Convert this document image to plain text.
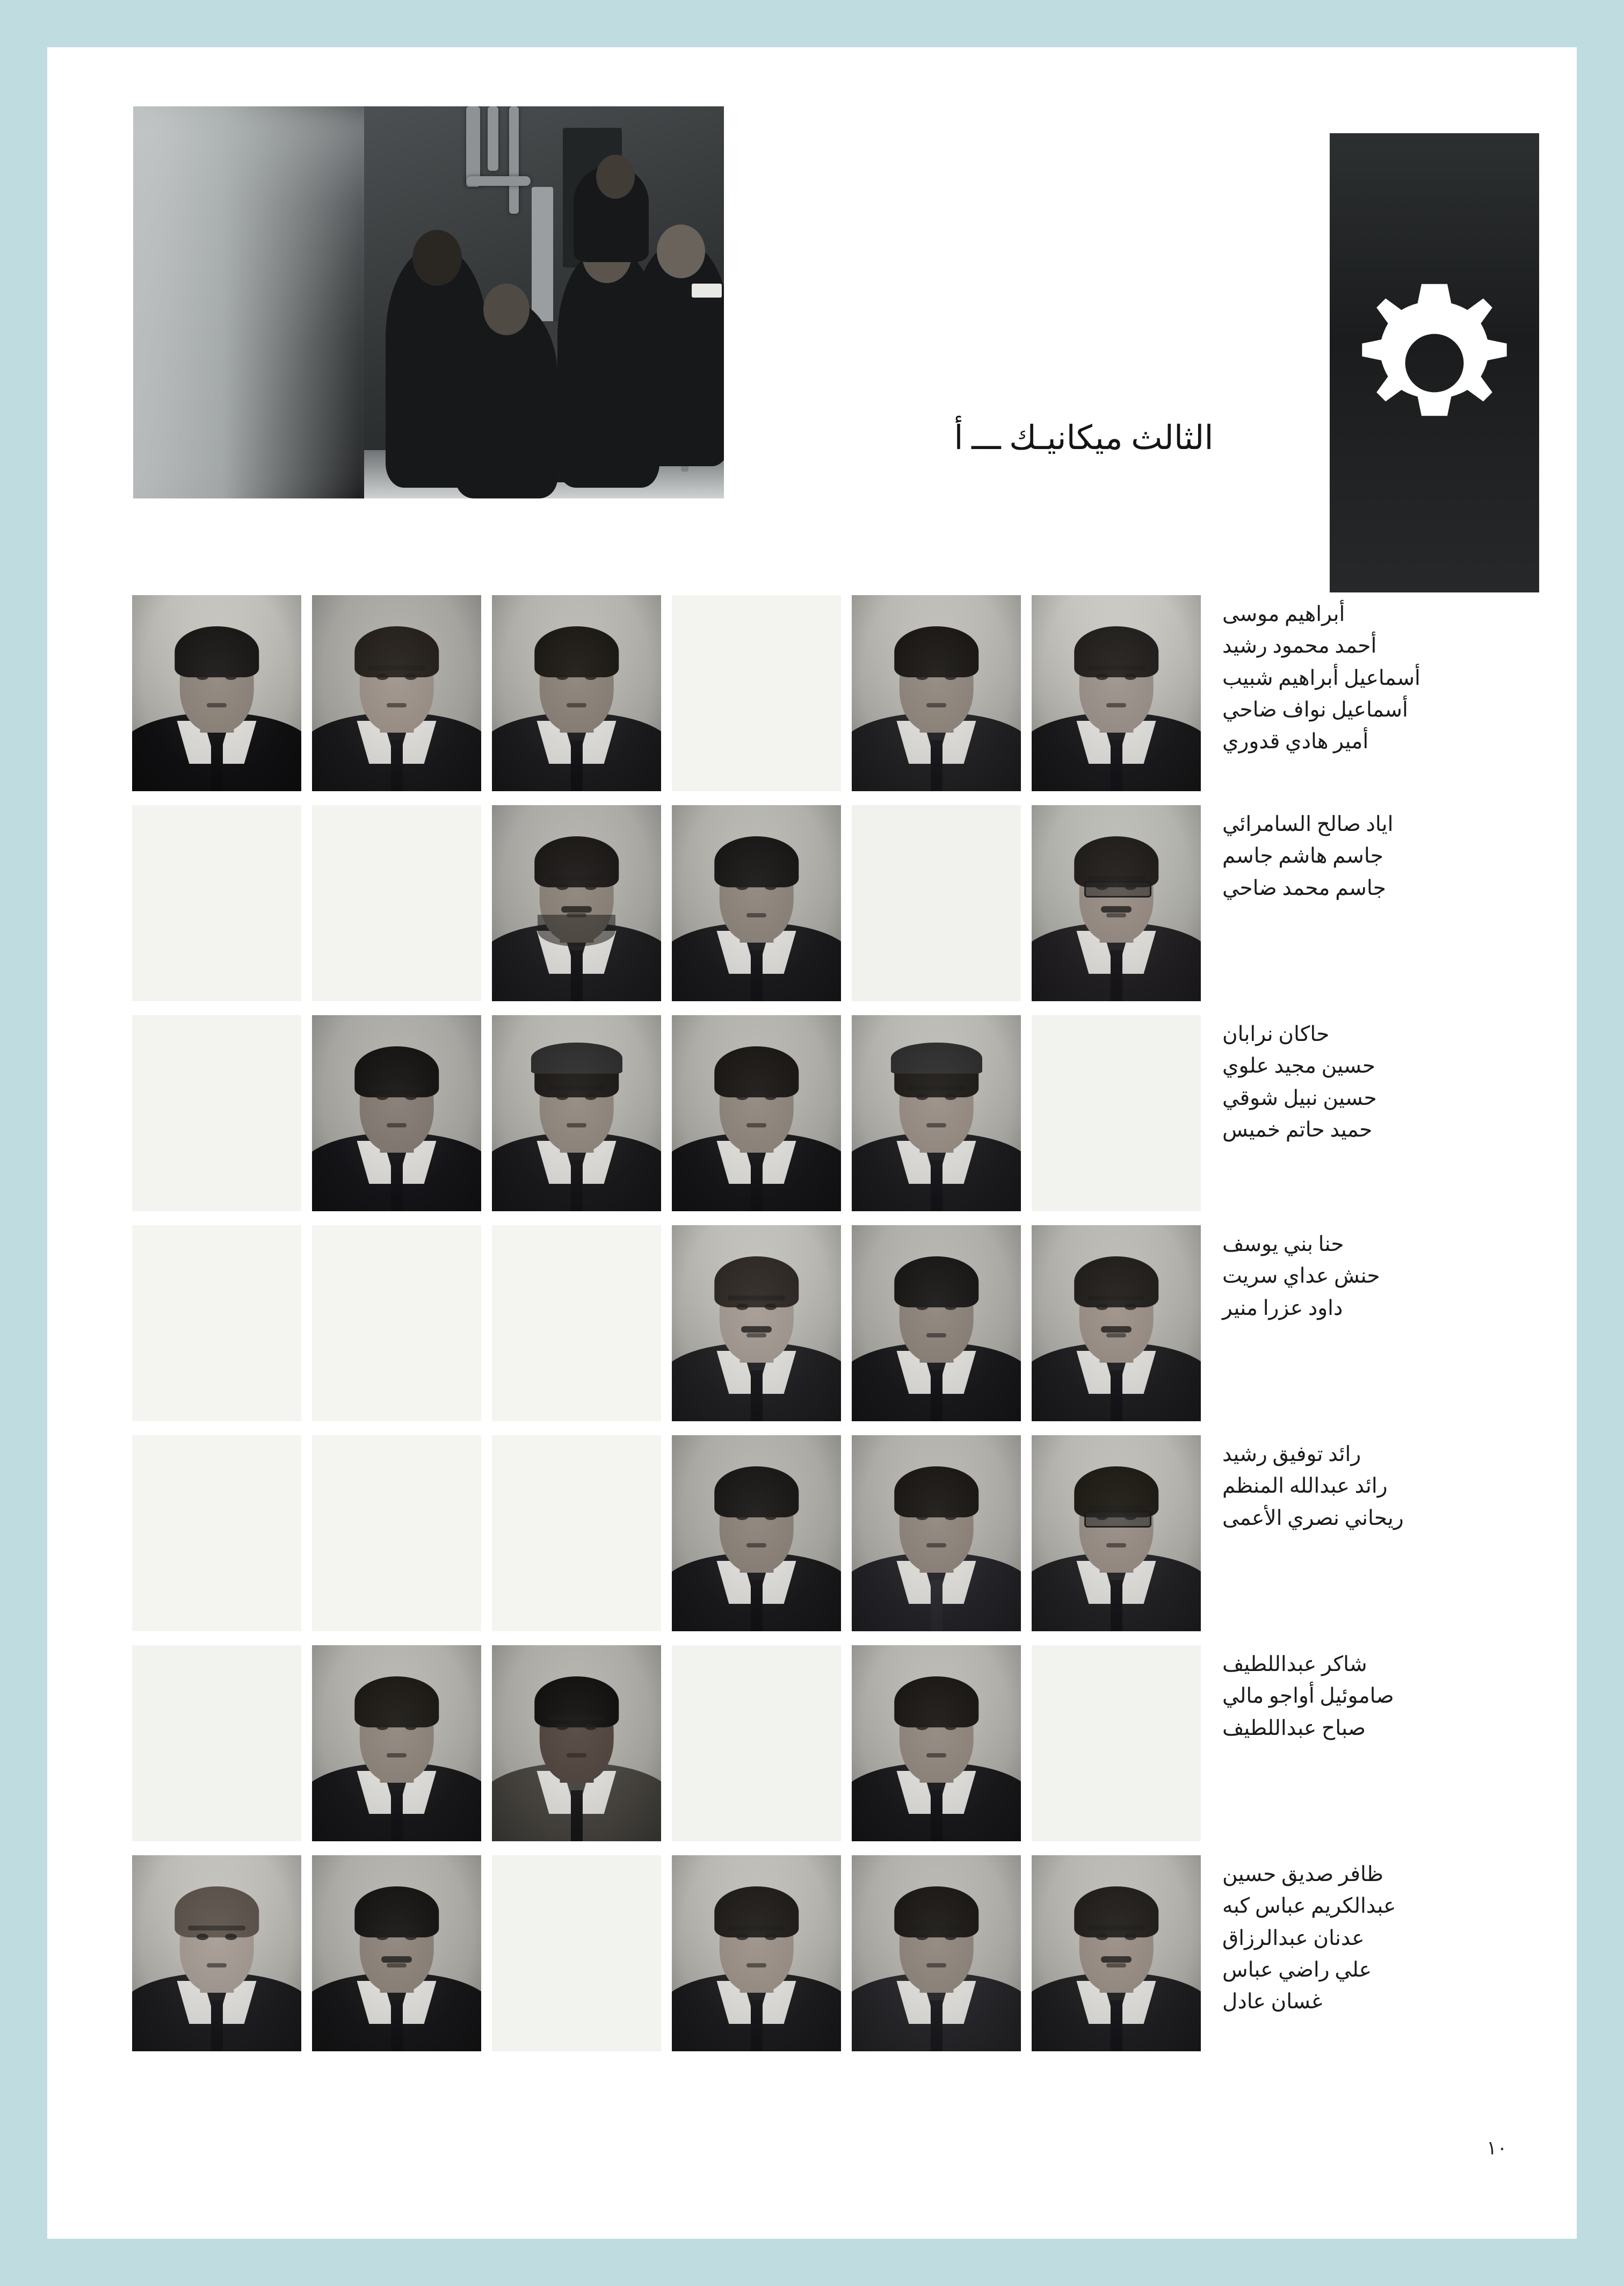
الثالث ميكانيـك ـــ أ
أبراهيم موسى
أحمد محمود رشيد
أسماعيل أبراهيم شبيب
أسماعيل نواف ضاحي
أمير هادي قدوري
اياد صالح السامرائي
جاسم هاشم جاسم
جاسم محمد ضاحي
حاكان نرابان
حسين مجيد علوي
حسين نبيل شوقي
حميد حاتم خميس
حنا بني يوسف
حنش عداي سريت
داود عزرا منير
رائد توفيق رشيد
رائد عبدالله المنظم
ريحاني نصري الأعمى
شاكر عبداللطيف
صاموئيل أواجو مالي
صباح عبداللطيف
ظافر صديق حسين
عبدالكريم عباس كبه
عدنان عبدالرزاق
علي راضي عباس
غسان عادل
١٠
